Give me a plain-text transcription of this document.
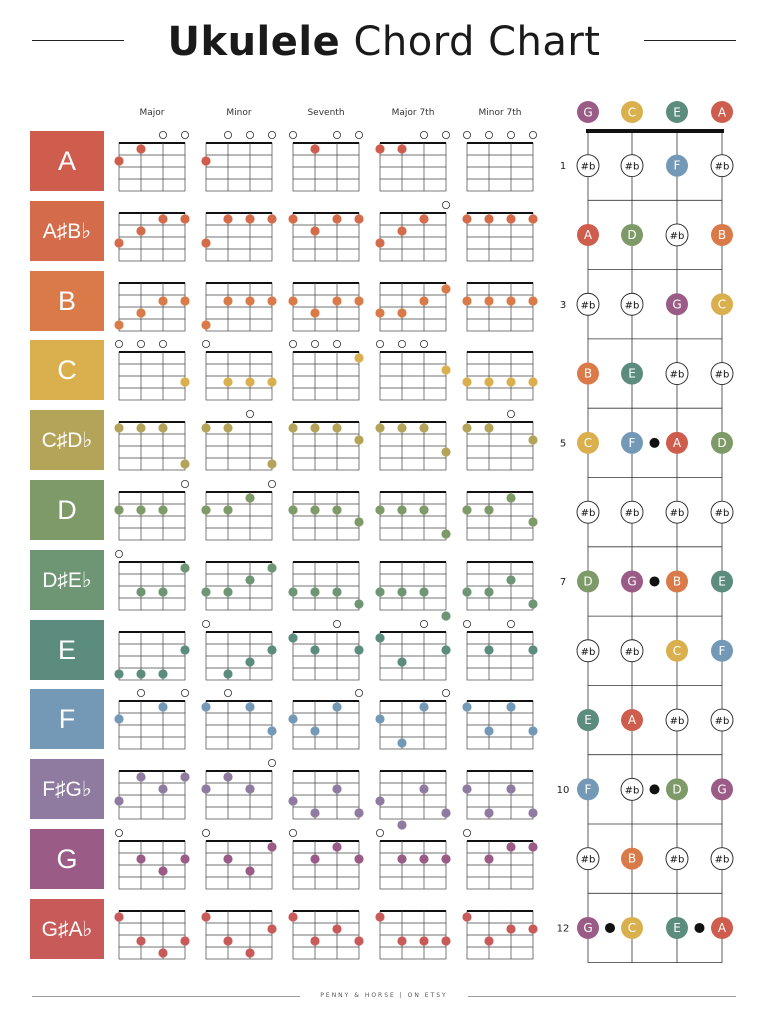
Ukulele Chord Chart
Major	Minor	Seventh	Major 7th	Minor 7th
A
A♯B♭
B
C
C♯D♭
D
D♯E♭
E
F
F♯G♭
G
G♯A♭
G	C	E	A
1 #b	#b	F	#b
A	D	#b	B
3 #b	#b	G	C
B	E	#b	#b
5 C	F	A	D
#b	#b	#b	#b
7 D	G	B	E
#b	#b	C	F
E	A	#b	#b
10 F	#b	D	G
#b	B	#b	#b
12 G	C	E	A
PENNY & HORSE | ON ETSY
